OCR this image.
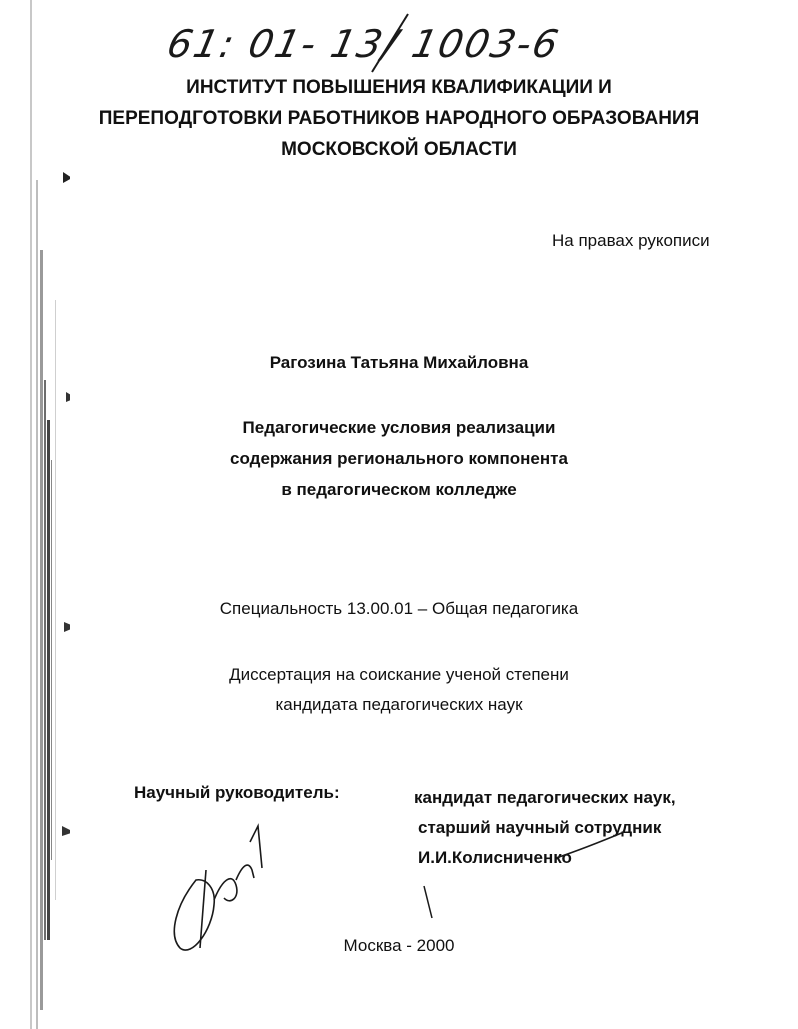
61: 01- 13/ 1003-6
ИНСТИТУТ ПОВЫШЕНИЯ КВАЛИФИКАЦИИ И
ПЕРЕПОДГОТОВКИ РАБОТНИКОВ НАРОДНОГО ОБРАЗОВАНИЯ
МОСКОВСКОЙ ОБЛАСТИ
На правах рукописи
Рагозина Татьяна Михайловна
Педагогические условия реализации
содержания регионального компонента
в педагогическом колледже
Специальность 13.00.01 – Общая педагогика
Диссертация на соискание ученой степени
кандидата педагогических наук
Научный руководитель:	кандидат педагогических наук,
старший научный сотрудник
И.И.Колисниченко
Москва - 2000
